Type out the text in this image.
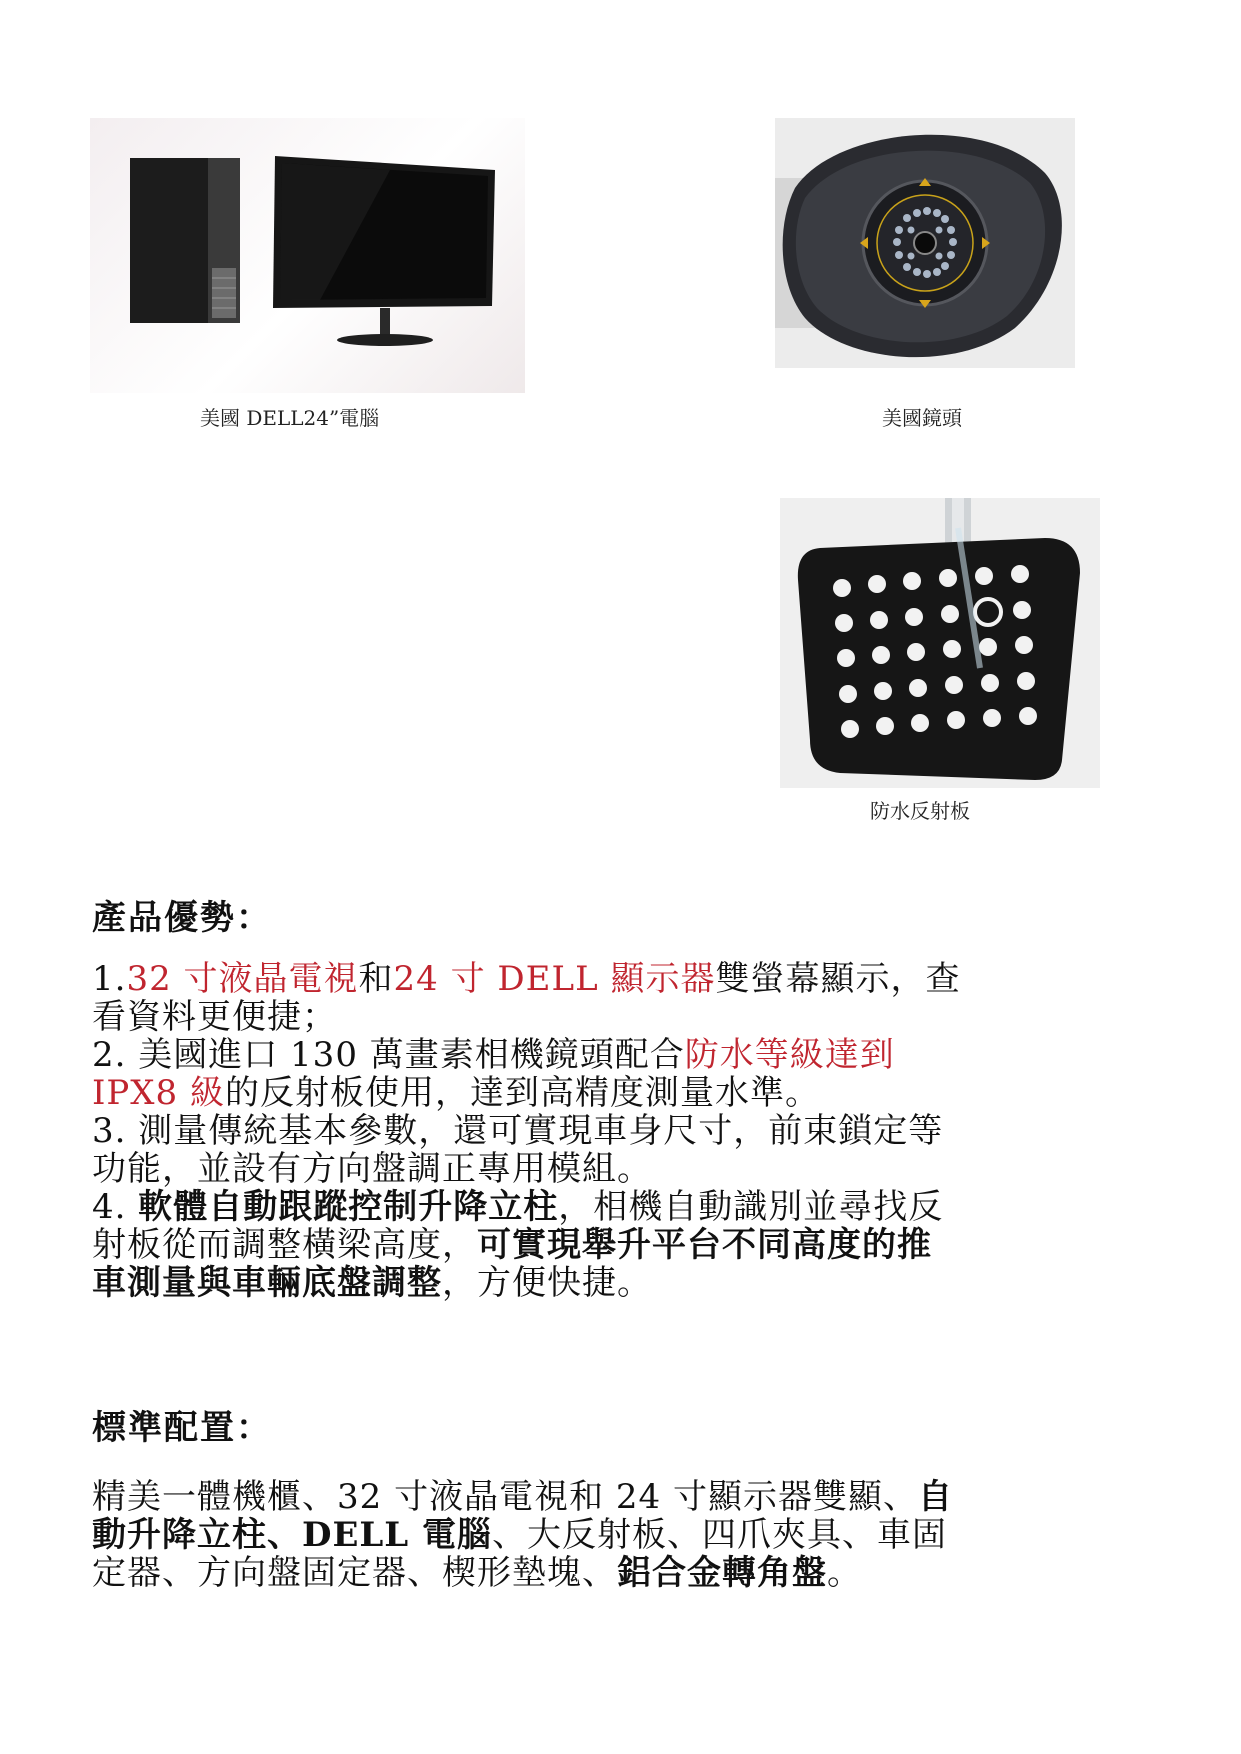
美國 DELL24”電腦	美國鏡頭
防水反射板
產品優勢：
1.32 寸液晶電視和24 寸 DELL 顯示器雙螢幕顯示，查
看資料更便捷；
2. 美國進口 130 萬畫素相機鏡頭配合防水等級達到
IPX8 級的反射板使用，達到高精度測量水準。
3. 測量傳統基本參數，還可實現車身尺寸，前束鎖定等
功能，並設有方向盤調正專用模組。
4. 軟體自動跟蹤控制升降立柱，相機自動識別並尋找反
射板從而調整橫梁高度，可實現舉升平台不同高度的推
車測量與車輛底盤調整，方便快捷。
標準配置：
精美一體機櫃、32 寸液晶電視和 24 寸顯示器雙顯、自
動升降立柱、DELL 電腦、大反射板、四爪夾具、車固
定器、方向盤固定器、楔形墊塊、鋁合金轉角盤。
